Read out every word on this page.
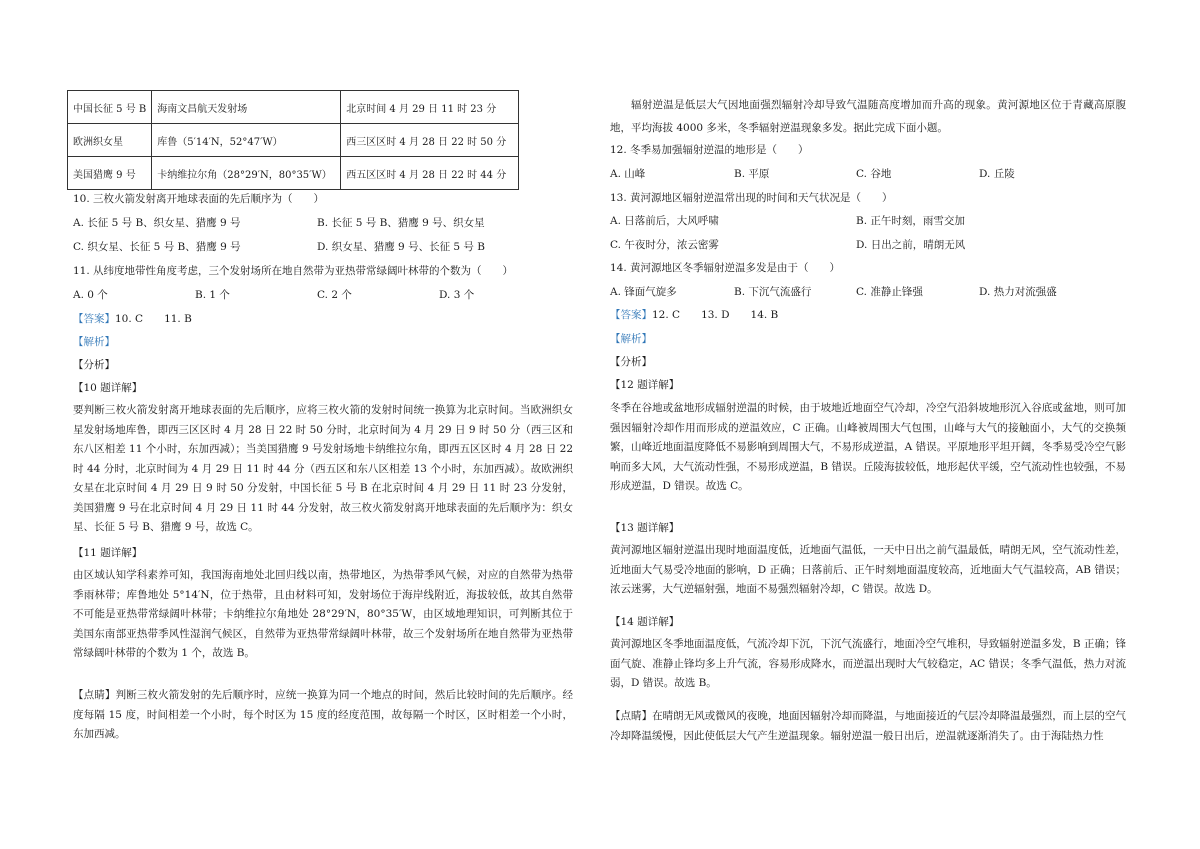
中国长征 5 号 B	海南文昌航天发射场	北京时间 4 月 29 日 11 时 23 分
欧洲织女星	库鲁（5′14′N，52°47′W）	西三区区时 4 月 28 日 22 时 50 分
美国猎鹰 9 号	卡纳维拉尔角（28°29′N，80°35′W）	西五区区时 4 月 28 日 22 时 44 分
10. 三枚火箭发射离开地球表面的先后顺序为（　　）
A. 长征 5 号 B、织女星、猎鹰 9 号	B. 长征 5 号 B、猎鹰 9 号、织女星
C. 织女星、长征 5 号 B、猎鹰 9 号	D. 织女星、猎鹰 9 号、长征 5 号 B
11. 从纬度地带性角度考虑，三个发射场所在地自然带为亚热带常绿阔叶林带的个数为（　　）
A. 0 个	B. 1 个	C. 2 个	D. 3 个
【答案】10. C　　11. B
【解析】
【分析】
【10 题详解】
要判断三枚火箭发射离开地球表面的先后顺序，应将三枚火箭的发射时间统一换算为北京时间。当欧洲织女星发射场地库鲁，即西三区区时 4 月 28 日 22 时 50 分时，北京时间为 4 月 29 日 9 时 50 分（西三区和东八区相差 11 个小时，东加西减）；当美国猎鹰 9 号发射场地卡纳维拉尔角，即西五区区时 4 月 28 日 22 时 44 分时，北京时间为 4 月 29 日 11 时 44 分（西五区和东八区相差 13 个小时，东加西减）。故欧洲织女星在北京时间 4 月 29 日 9 时 50 分发射，中国长征 5 号 B 在北京时间 4 月 29 日 11 时 23 分发射，美国猎鹰 9 号在北京时间 4 月 29 日 11 时 44 分发射，故三枚火箭发射离开地球表面的先后顺序为：织女星、长征 5 号 B、猎鹰 9 号，故选 C。
【11 题详解】
由区域认知学科素养可知，我国海南地处北回归线以南，热带地区，为热带季风气候，对应的自然带为热带季雨林带；库鲁地处 5°14′N，位于热带，且由材料可知，发射场位于海岸线附近，海拔较低，故其自然带不可能是亚热带常绿阔叶林带；卡纳维拉尔角地处 28°29′N，80°35′W，由区域地理知识，可判断其位于美国东南部亚热带季风性湿润气候区，自然带为亚热带常绿阔叶林带，故三个发射场所在地自然带为亚热带常绿阔叶林带的个数为 1 个，故选 B。
【点睛】判断三枚火箭发射的先后顺序时，应统一换算为同一个地点的时间，然后比较时间的先后顺序。经度每隔 15 度，时间相差一个小时，每个时区为 15 度的经度范围，故每隔一个时区，区时相差一个小时，东加西减。
辐射逆温是低层大气因地面强烈辐射冷却导致气温随高度增加而升高的现象。黄河源地区位于青藏高原腹地，平均海拔 4000 多米，冬季辐射逆温现象多发。据此完成下面小题。
12. 冬季易加强辐射逆温的地形是（　　）
A. 山峰	B. 平原	C. 谷地	D. 丘陵
13. 黄河源地区辐射逆温常出现的时间和天气状况是（　　）
A. 日落前后，大风呼啸	B. 正午时刻，雨雪交加
C. 午夜时分，浓云密雾	D. 日出之前，晴朗无风
14. 黄河源地区冬季辐射逆温多发是由于（　　）
A. 锋面气旋多	B. 下沉气流盛行	C. 准静止锋强	D. 热力对流强盛
【答案】12. C　　13. D　　14. B
【解析】
【分析】
【12 题详解】
冬季在谷地或盆地形成辐射逆温的时候，由于坡地近地面空气冷却，冷空气沿斜坡地形沉入谷底或盆地，则可加强因辐射冷却作用而形成的逆温效应，C 正确。山峰被周围大气包围，山峰与大气的接触面小，大气的交换频繁，山峰近地面温度降低不易影响到周围大气，不易形成逆温，A 错误。平原地形平坦开阔，冬季易受冷空气影响而多大风，大气流动性强，不易形成逆温，B 错误。丘陵海拔较低，地形起伏平缓，空气流动性也较强，不易形成逆温，D 错误。故选 C。
【13 题详解】
黄河源地区辐射逆温出现时地面温度低，近地面气温低，一天中日出之前气温最低，晴朗无风，空气流动性差，近地面大气易受冷地面的影响，D 正确；日落前后、正午时刻地面温度较高，近地面大气气温较高，AB 错误；浓云迷雾，大气逆辐射强，地面不易强烈辐射冷却，C 错误。故选 D。
【14 题详解】
黄河源地区冬季地面温度低，气流冷却下沉，下沉气流盛行，地面冷空气堆积，导致辐射逆温多发，B 正确；锋面气旋、准静止锋均多上升气流，容易形成降水，而逆温出现时大气较稳定，AC 错误；冬季气温低，热力对流弱，D 错误。故选 B。
【点睛】在晴朗无风或微风的夜晚，地面因辐射冷却而降温，与地面接近的气层冷却降温最强烈，而上层的空气冷却降温缓慢，因此使低层大气产生逆温现象。辐射逆温一般日出后，逆温就逐渐消失了。由于海陆热力性
